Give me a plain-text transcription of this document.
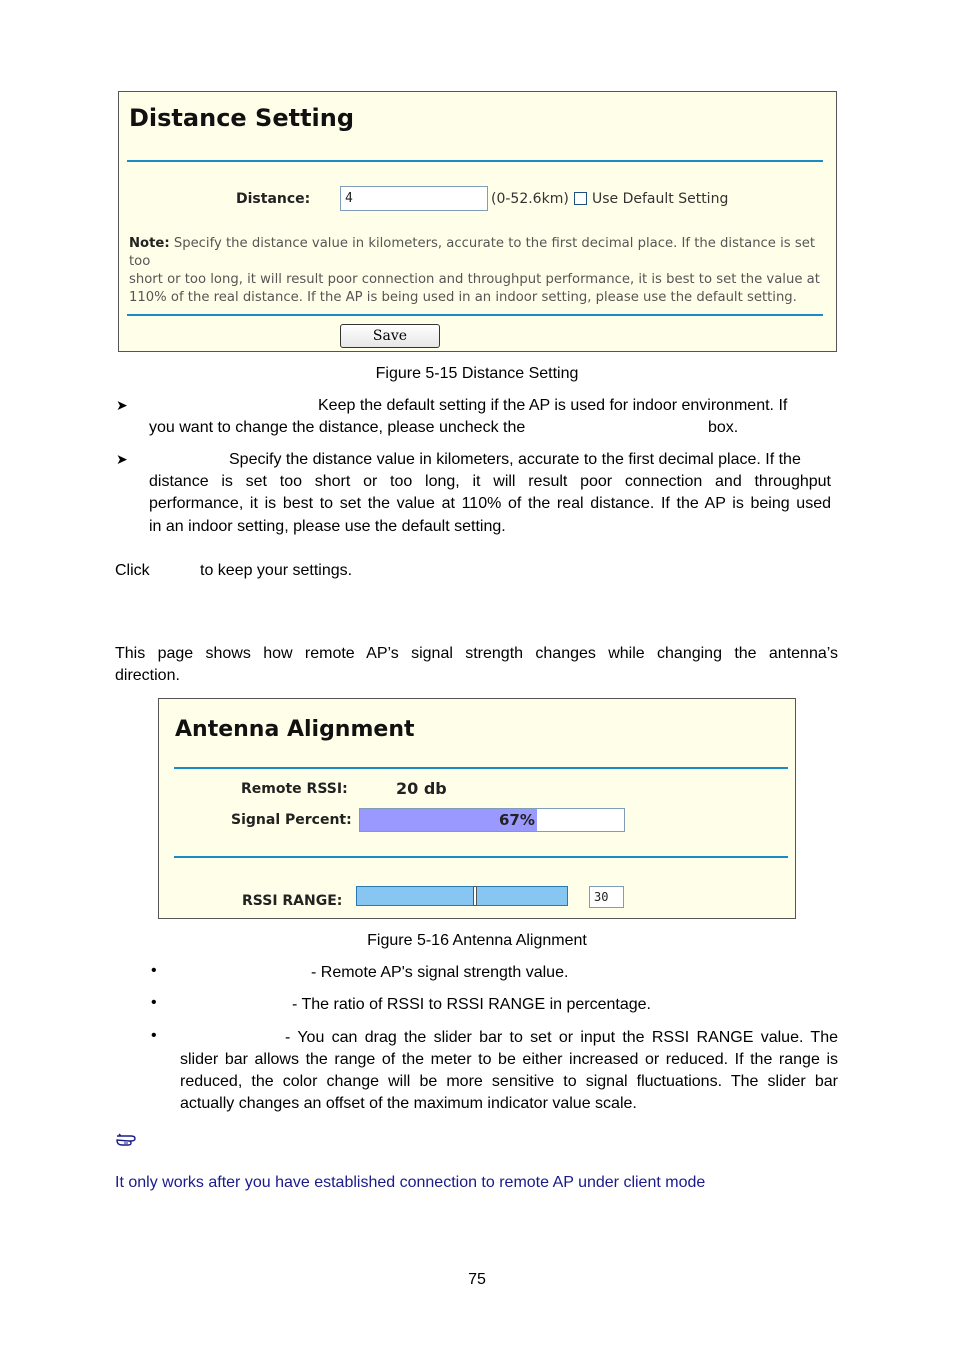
Distance Setting
Distance:
4	(0-52.6km) Use Default Setting
Note: Specify the distance value in kilometers, accurate to the first decimal place. If the distance is set too
short or too long, it will result poor connection and throughput performance, it is best to set the value at
110% of the real distance. If the AP is being used in an indoor setting, please use the default setting.
Save
Figure 5-15 Distance Setting
➤	Keep the default setting if the AP is used for indoor environment. If
you want to change the distance, please uncheck the	box.
➤	Specify the distance value in kilometers, accurate to the first decimal place. If the
distance is set too short or too long, it will result poor connection and throughput
performance, it is best to set the value at 110% of the real distance. If the AP is being used
in an indoor setting, please use the default setting.
Click	to keep your settings.
This page shows how remote AP’s signal strength changes while changing the antenna’s
direction.
Antenna Alignment
Remote RSSI:	20 db
Signal Percent:	67%
RSSI RANGE:
30
Figure 5-16 Antenna Alignment
•	- Remote AP's signal strength value.
•	- The ratio of RSSI to RSSI RANGE in percentage.
•	- You can drag the slider bar to set or input the RSSI RANGE value. The
slider bar allows the range of the meter to be either increased or reduced. If the range is
reduced, the color change will be more sensitive to signal fluctuations. The slider bar
actually changes an offset of the maximum indicator value scale.
It only works after you have established connection to remote AP under client mode
75
